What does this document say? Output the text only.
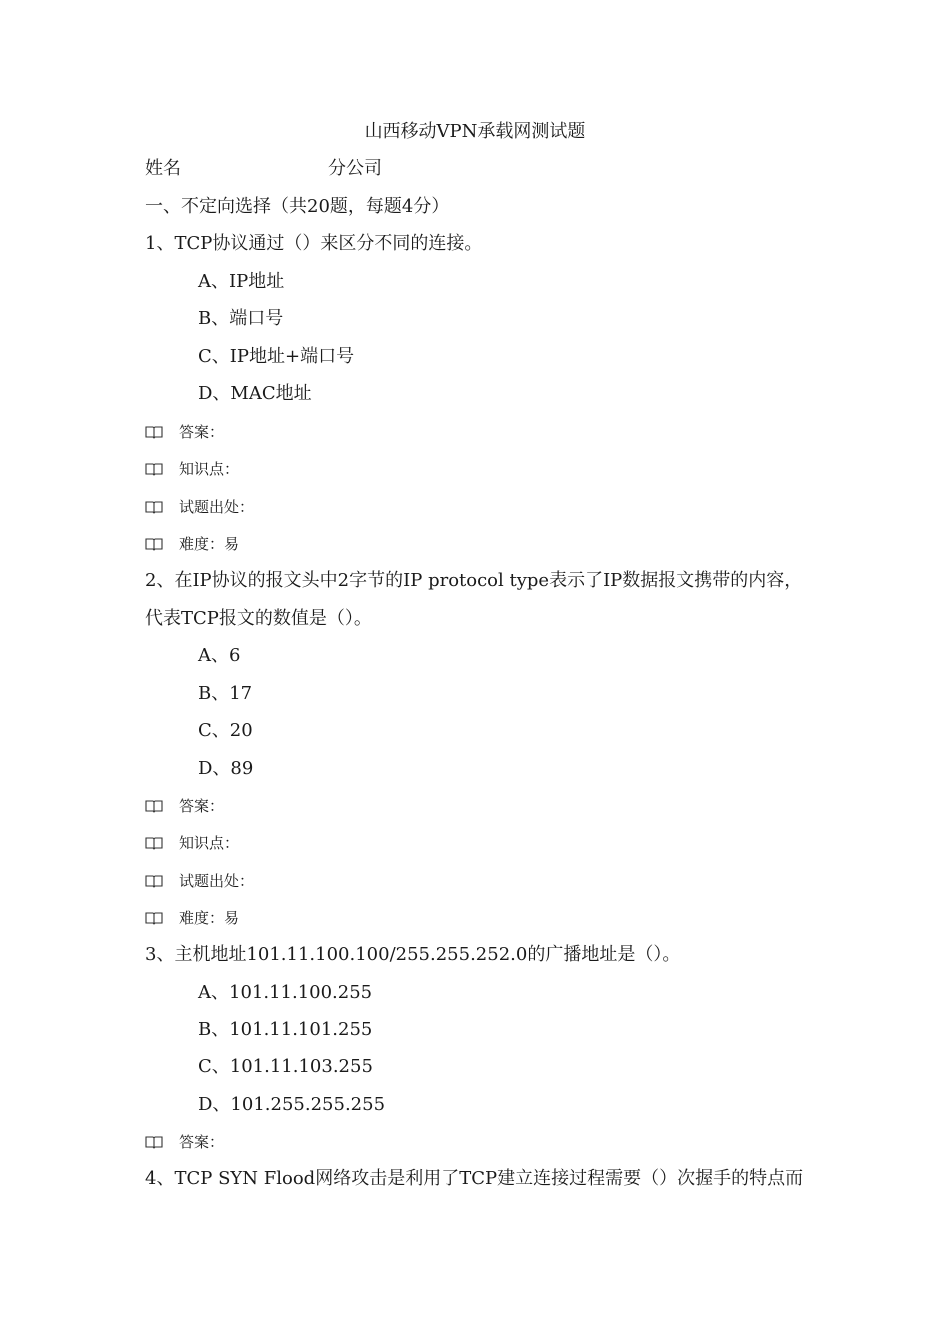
山西移动VPN承载网测试题
姓名	分公司
一、不定向选择（共20题，每题4分）
1、TCP协议通过（）来区分不同的连接。
A、IP地址
B、端口号
C、IP地址+端口号
D、MAC地址
答案：
知识点：
试题出处：
难度：易
2、在IP协议的报文头中2字节的IP protocol type表示了IP数据报文携带的内容，
代表TCP报文的数值是（）。
A、6
B、17
C、20
D、89
答案：
知识点：
试题出处：
难度：易
3、主机地址101.11.100.100/255.255.252.0的广播地址是（）。
A、101.11.100.255
B、101.11.101.255
C、101.11.103.255
D、101.255.255.255
答案：
4、TCP SYN Flood网络攻击是利用了TCP建立连接过程需要（）次握手的特点而
